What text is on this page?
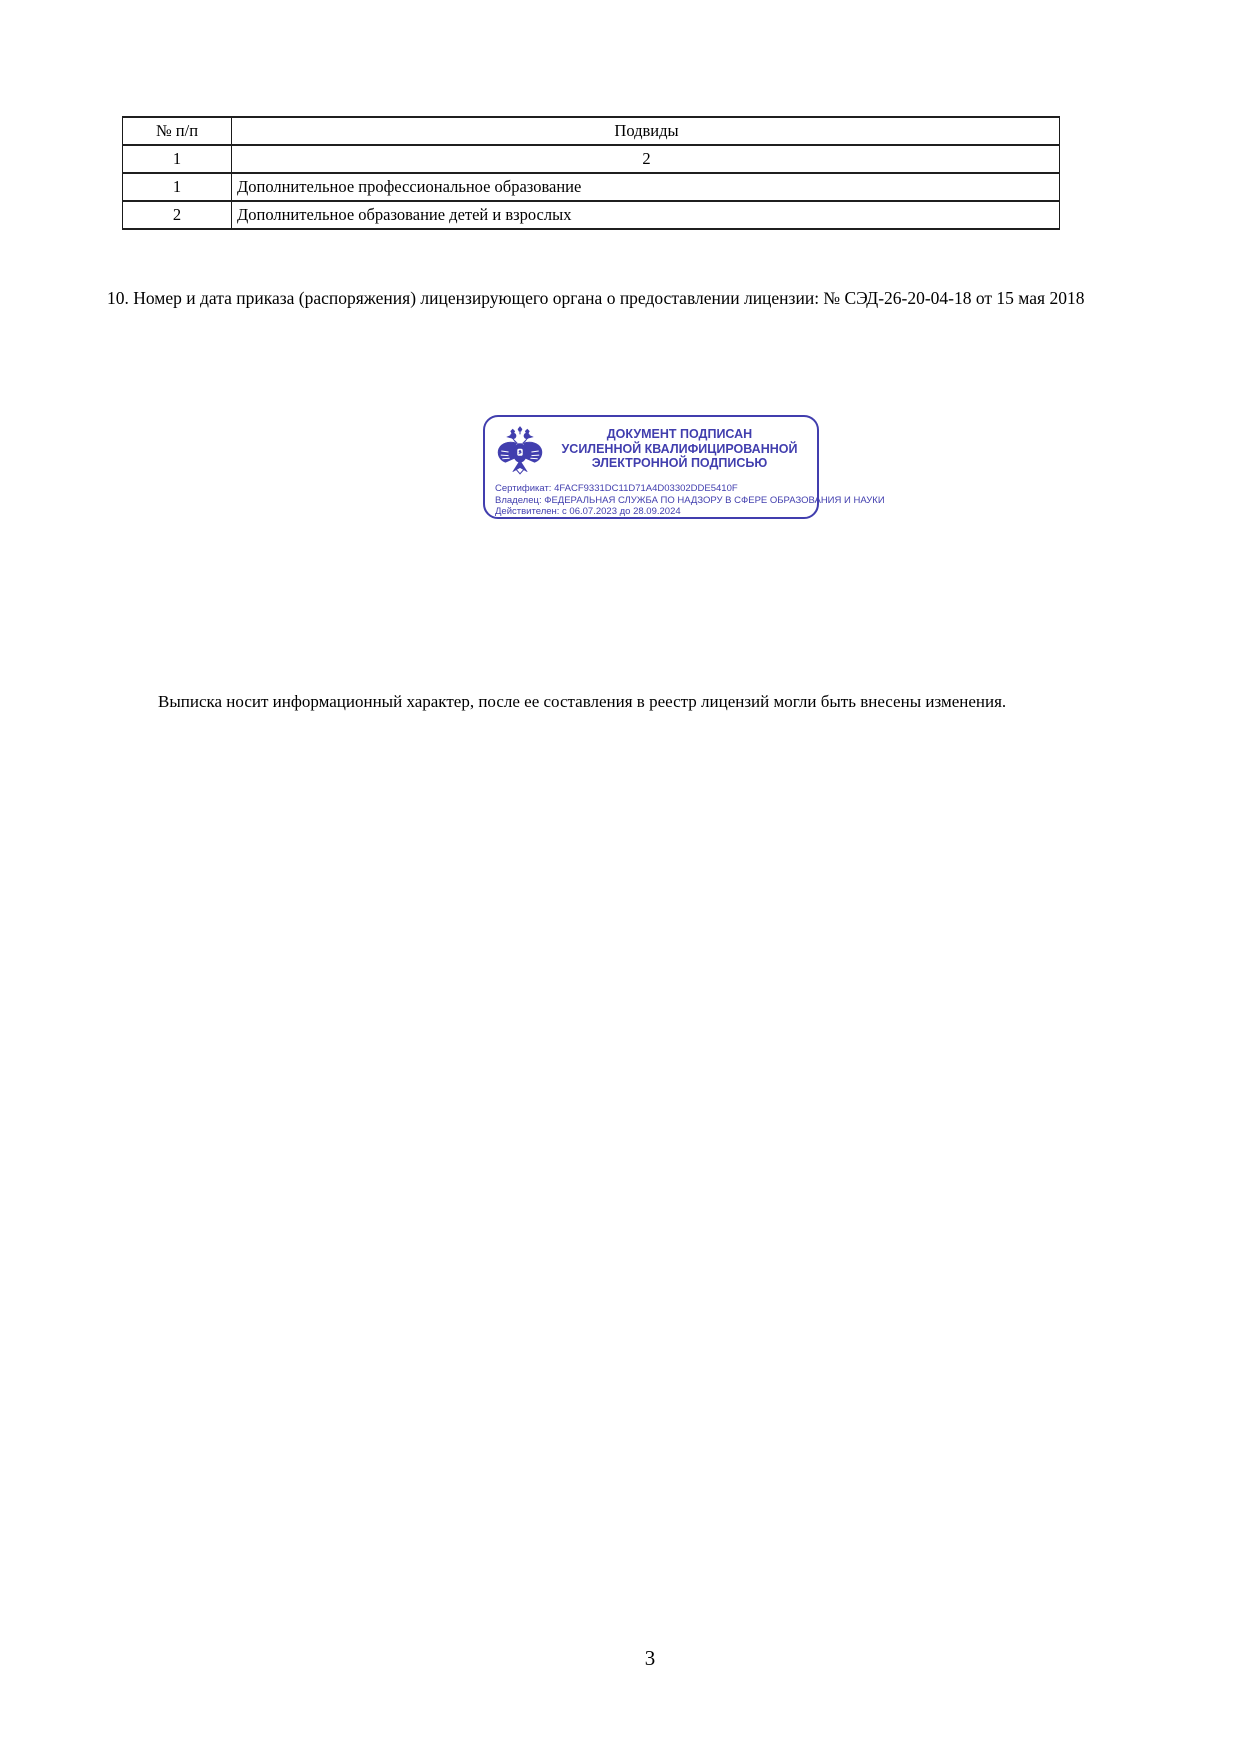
№ п/п	Подвиды
1	2
1	Дополнительное профессиональное образование
2	Дополнительное образование детей и взрослых
10. Номер и дата приказа (распоряжения) лицензирующего органа о предоставлении лицензии: № СЭД-26-20-04-18 от 15 мая 2018
ДОКУМЕНТ ПОДПИСАН
УСИЛЕННОЙ КВАЛИФИЦИРОВАННОЙ
ЭЛЕКТРОННОЙ ПОДПИСЬЮ
Сертификат: 4FACF9331DC11D71A4D03302DDE5410F
Владелец: ФЕДЕРАЛЬНАЯ СЛУЖБА ПО НАДЗОРУ В СФЕРЕ ОБРАЗОВАНИЯ И НАУКИ
Действителен: с 06.07.2023 до 28.09.2024
Выписка носит информационный характер, после ее составления в реестр лицензий могли быть внесены изменения.
3
